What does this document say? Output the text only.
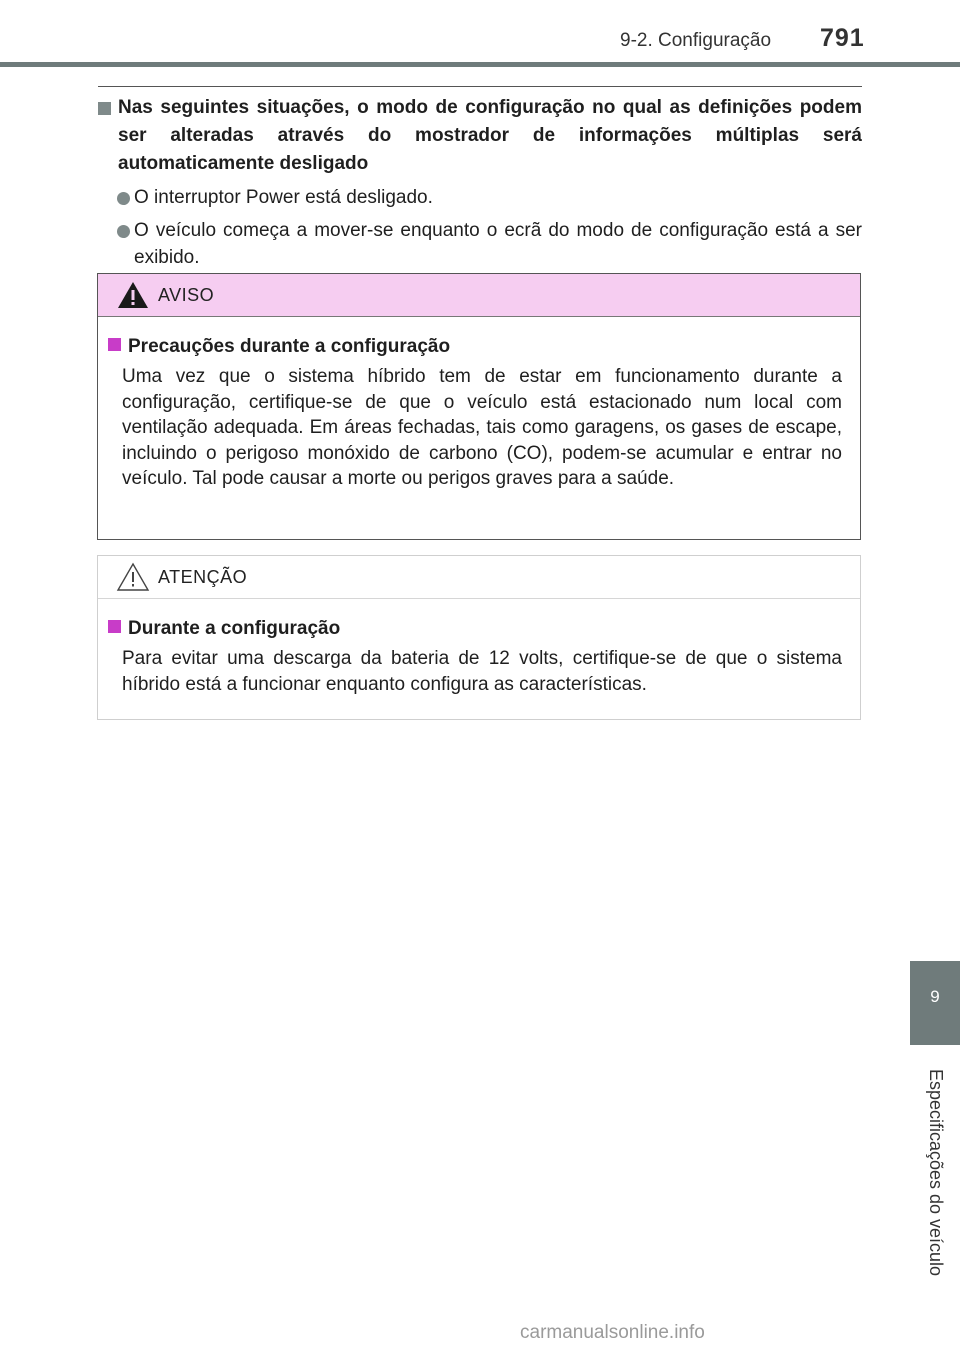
9-2. Configuração	791
Nas seguintes situações, o modo de configuração no qual as definições podem ser alteradas através do mostrador de informações múltiplas será automaticamente desligado
O interruptor Power está desligado.
O veículo começa a mover-se enquanto o ecrã do modo de configuração está a ser exibido.
AVISO
Precauções durante a configuração
Uma vez que o sistema híbrido tem de estar em funcionamento durante a configuração, certifique-se de que o veículo está estacionado num local com ventilação adequada. Em áreas fechadas, tais como garagens, os gases de escape, incluindo o perigoso monóxido de carbono (CO), podem-se acumular e entrar no veículo. Tal pode causar a morte ou perigos graves para a saúde.
ATENÇÃO
Durante a configuração
Para evitar uma descarga da bateria de 12 volts, certifique-se de que o sistema híbrido está a funcionar enquanto configura as características.
9
Especificações do veículo
carmanualsonline.info
